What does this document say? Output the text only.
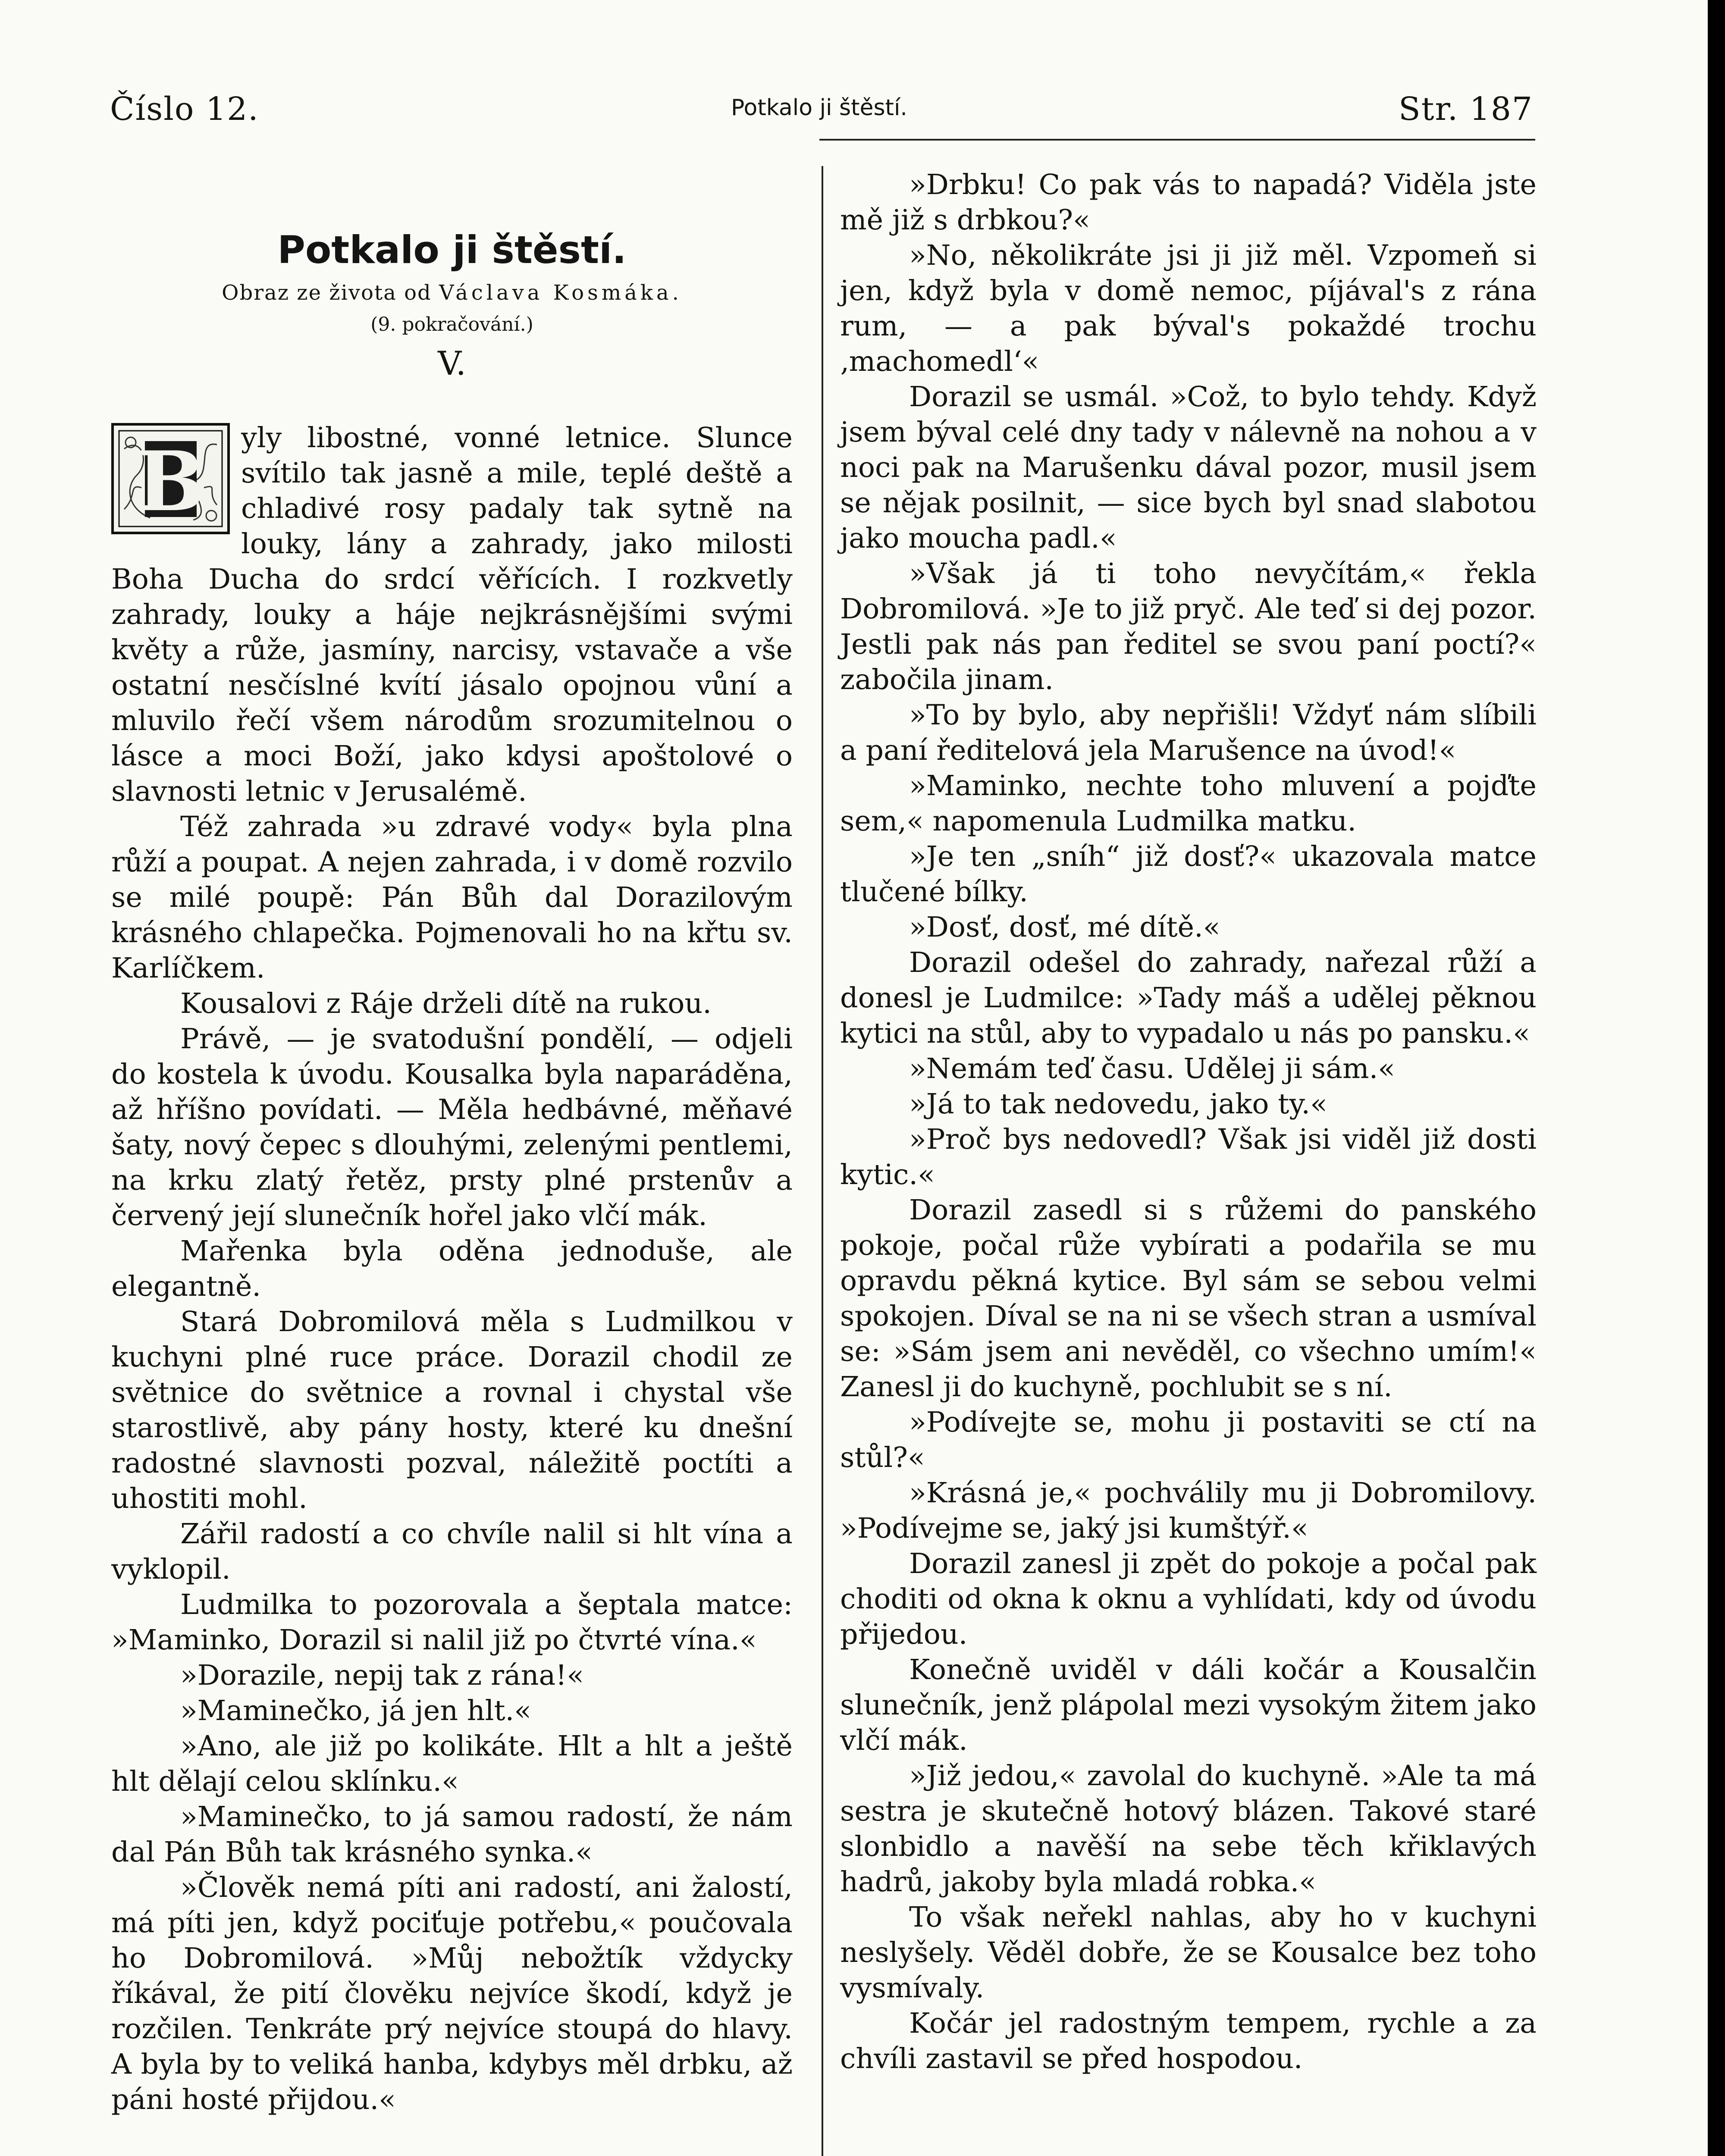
Číslo 12.	Potkalo ji štěstí.	Str. 187
Potkalo ji štěstí.
Obraz ze života od Václava Kosmáka.
(9. pokračování.)
V.
B	yly libostné, vonné letnice. Slunce svítilo tak jasně a mile, teplé deště a chladivé rosy padaly tak sytně na louky, lány a zahrady, jako milosti Boha Ducha do srdcí věřících. I rozkvetly zahrady, louky a háje nejkrásnějšími svými květy a růže, jasmíny, narcisy, vstavače a vše ostatní nesčíslné kvítí jásalo opojnou vůní a mluvilo řečí všem národům srozumitelnou o lásce a moci Boží, jako kdysi apoštolové o slavnosti letnic v Jerusalémě.

Též zahrada »u zdravé vody« byla plna růží a poupat. A nejen zahrada, i v domě rozvilo se milé poupě: Pán Bůh dal Dorazilovým krásného chlapečka. Pojmenovali ho na křtu sv. Karlíčkem.

Kousalovi z Ráje drželi dítě na rukou.

Právě, — je svatodušní pondělí, — odjeli do kostela k úvodu. Kousalka byla naparáděna, až hříšno povídati. — Měla hedbávné, měňavé šaty, nový čepec s dlouhými, zelenými pentlemi, na krku zlatý řetěz, prsty plné prstenův a červený její slunečník hořel jako vlčí mák.

Mařenka byla oděna jednoduše, ale elegantně.

Stará Dobromilová měla s Ludmilkou v kuchyni plné ruce práce. Dorazil chodil ze světnice do světnice a rovnal i chystal vše starostlivě, aby pány hosty, které ku dnešní radostné slavnosti pozval, náležitě poctíti a uhostiti mohl.

Zářil radostí a co chvíle nalil si hlt vína a vyklopil.

Ludmilka to pozorovala a šeptala matce: »Maminko, Dorazil si nalil již po čtvrté vína.«

»Dorazile, nepij tak z rána!«

»Maminečko, já jen hlt.«

»Ano, ale již po kolikáte. Hlt a hlt a ještě hlt dělají celou sklínku.«

»Maminečko, to já samou radostí, že nám dal Pán Bůh tak krásného synka.«

»Člověk nemá píti ani radostí, ani žalostí, má píti jen, když pociťuje potřebu,« poučovala ho Dobromilová. »Můj nebožtík vždycky říkával, že pití člověku nejvíce škodí, když je rozčilen. Tenkráte prý nejvíce stoupá do hlavy. A byla by to veliká hanba, kdybys měl drbku, až páni hosté přijdou.«

»Drbku! Co pak vás to napadá? Viděla jste mě již s drbkou?«

»No, několikráte jsi ji již měl. Vzpomeň si jen, když byla v domě nemoc, píjával's z rána rum, — a pak býval's pokaždé trochu ‚machomedl‘«

Dorazil se usmál. »Což, to bylo tehdy. Když jsem býval celé dny tady v nálevně na nohou a v noci pak na Marušenku dával pozor, musil jsem se nějak posilnit, — sice bych byl snad slabotou jako moucha padl.«

»Však já ti toho nevyčítám,« řekla Dobromilová. »Je to již pryč. Ale teď si dej pozor. Jestli pak nás pan ředitel se svou paní poctí?« zabočila jinam.

»To by bylo, aby nepřišli! Vždyť nám slíbili a paní ředitelová jela Marušence na úvod!«

»Maminko, nechte toho mluvení a pojďte sem,« napomenula Ludmilka matku.

»Je ten „sníh“ již dosť?« ukazovala matce tlučené bílky.

»Dosť, dosť, mé dítě.«

Dorazil odešel do zahrady, nařezal růží a donesl je Ludmilce: »Tady máš a udělej pěknou kytici na stůl, aby to vypadalo u nás po pansku.«

»Nemám teď času. Udělej ji sám.«

»Já to tak nedovedu, jako ty.«

»Proč bys nedovedl? Však jsi viděl již dosti kytic.«

Dorazil zasedl si s růžemi do panského pokoje, počal růže vybírati a podařila se mu opravdu pěkná kytice. Byl sám se sebou velmi spokojen. Díval se na ni se všech stran a usmíval se: »Sám jsem ani nevěděl, co všechno umím!« Zanesl ji do kuchyně, pochlubit se s ní.

»Podívejte se, mohu ji postaviti se ctí na stůl?«

»Krásná je,« pochválily mu ji Dobromilovy. »Podívejme se, jaký jsi kumštýř.«

Dorazil zanesl ji zpět do pokoje a počal pak choditi od okna k oknu a vyhlídati, kdy od úvodu přijedou.

Konečně uviděl v dáli kočár a Kousalčin slunečník, jenž plápolal mezi vysokým žitem jako vlčí mák.

»Již jedou,« zavolal do kuchyně. »Ale ta má sestra je skutečně hotový blázen. Takové staré slonbidlo a navěší na sebe těch křiklavých hadrů, jakoby byla mladá robka.«

To však neřekl nahlas, aby ho v kuchyni neslyšely. Věděl dobře, že se Kousalce bez toho vysmívaly.

Kočár jel radostným tempem, rychle a za chvíli zastavil se před hospodou.
